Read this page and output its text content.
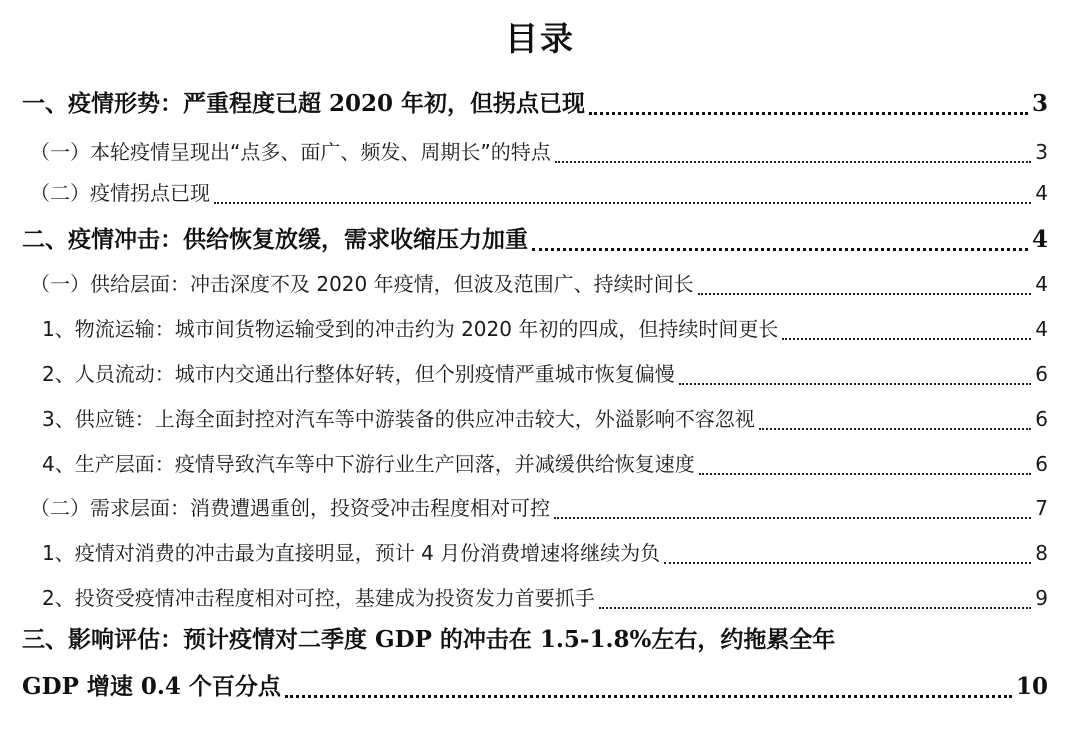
目录
一、疫情形势：严重程度已超 2020 年初，但拐点已现	3
（一）本轮疫情呈现出“点多、面广、频发、周期长”的特点	3
（二）疫情拐点已现	4
二、疫情冲击：供给恢复放缓，需求收缩压力加重	4
（一）供给层面：冲击深度不及 2020 年疫情，但波及范围广、持续时间长	4
1、物流运输：城市间货物运输受到的冲击约为 2020 年初的四成，但持续时间更长	4
2、人员流动：城市内交通出行整体好转，但个别疫情严重城市恢复偏慢	6
3、供应链：上海全面封控对汽车等中游装备的供应冲击较大，外溢影响不容忽视	6
4、生产层面：疫情导致汽车等中下游行业生产回落，并减缓供给恢复速度	6
（二）需求层面：消费遭遇重创，投资受冲击程度相对可控	7
1、疫情对消费的冲击最为直接明显，预计 4 月份消费增速将继续为负	8
2、投资受疫情冲击程度相对可控，基建成为投资发力首要抓手	9
三、影响评估：预计疫情对二季度 GDP 的冲击在 1.5-1.8%左右，约拖累全年
GDP 增速 0.4 个百分点	10
